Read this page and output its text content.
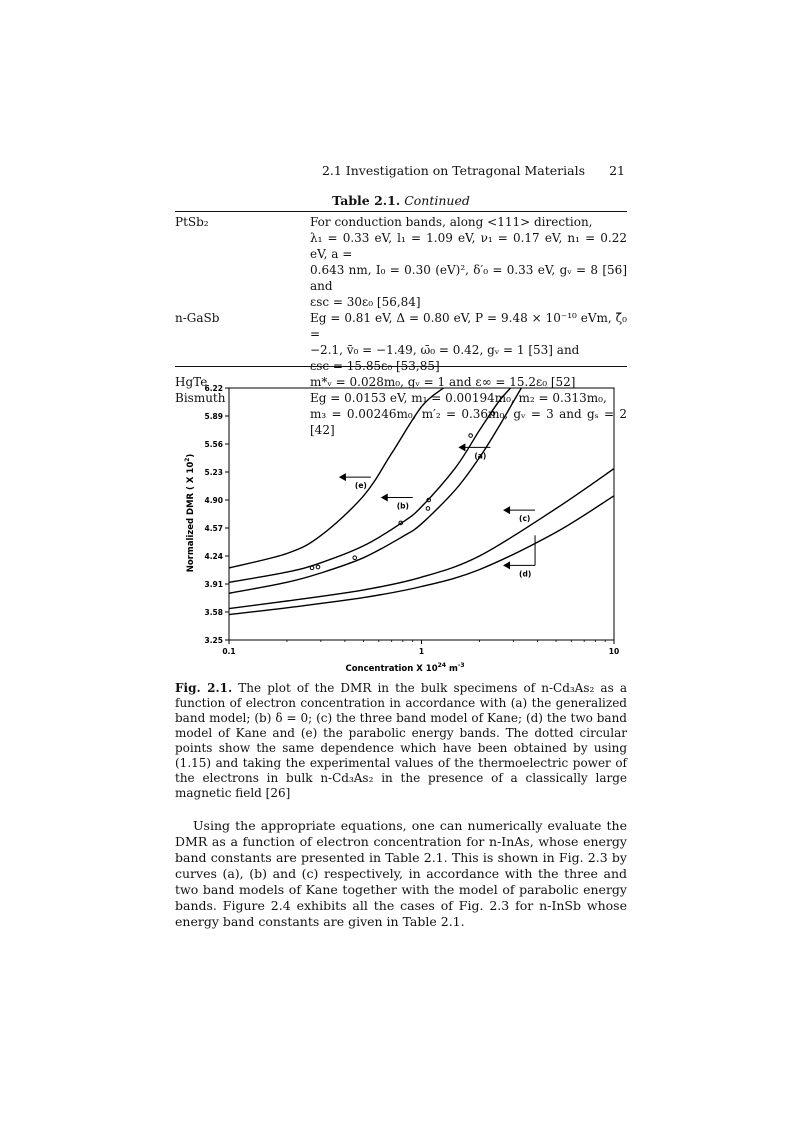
2.1 Investigation on Tetragonal Materials 21
Table 2.1. Continued
PtSb₂	For conduction bands, along <111> direction,
λ₁ = 0.33 eV, l₁ = 1.09 eV, ν₁ = 0.17 eV, n₁ = 0.22 eV, a =
0.643 nm, I₀ = 0.30 (eV)², δ′₀ = 0.33 eV, gᵥ = 8 [56] and
εsc = 30ε₀ [56,84]

n-GaSb	Eg = 0.81 eV, Δ = 0.80 eV, P = 9.48 × 10⁻¹⁰ eVm, ζ̄₀ =
−2.1, v̄₀ = −1.49, ω̄₀ = 0.42, gᵥ = 1 [53] and
εsc = 15.85ε₀ [53,85]

HgTe	m*ᵥ = 0.028m₀, gᵥ = 1 and ε∞ = 15.2ε₀ [52]

Bismuth	Eg = 0.0153 eV, m₁ = 0.00194m₀, m₂ = 0.313m₀,
m₃ = 0.00246m₀, m′₂ = 0.36m₀, gᵥ = 3 and gₛ = 2 [42]
3.25
3.58
3.91
4.24
4.57
4.90
5.23
5.56
5.89
6.22
0.1	1	10
(e)
(b)
(a)
(c)
(d)
Concentration X $10^{24}$ $m^{-3}$
Normalized DMR ( X $10^2$)
Fig. 2.1. The plot of the DMR in the bulk specimens of n-Cd₃As₂ as a function of electron concentration in accordance with (a) the generalized band model; (b) δ = 0; (c) the three band model of Kane; (d) the two band model of Kane and (e) the parabolic energy bands. The dotted circular points show the same dependence which have been obtained by using (1.15) and taking the experimental values of the thermoelectric power of the electrons in bulk n-Cd₃As₂ in the presence of a classically large magnetic field [26]
Using the appropriate equations, one can numerically evaluate the DMR as a function of electron concentration for n-InAs, whose energy band constants are presented in Table 2.1. This is shown in Fig. 2.3 by curves (a), (b) and (c) respectively, in accordance with the three and two band models of Kane together with the model of parabolic energy bands. Figure 2.4 exhibits all the cases of Fig. 2.3 for n-InSb whose energy band constants are given in Table 2.1.
